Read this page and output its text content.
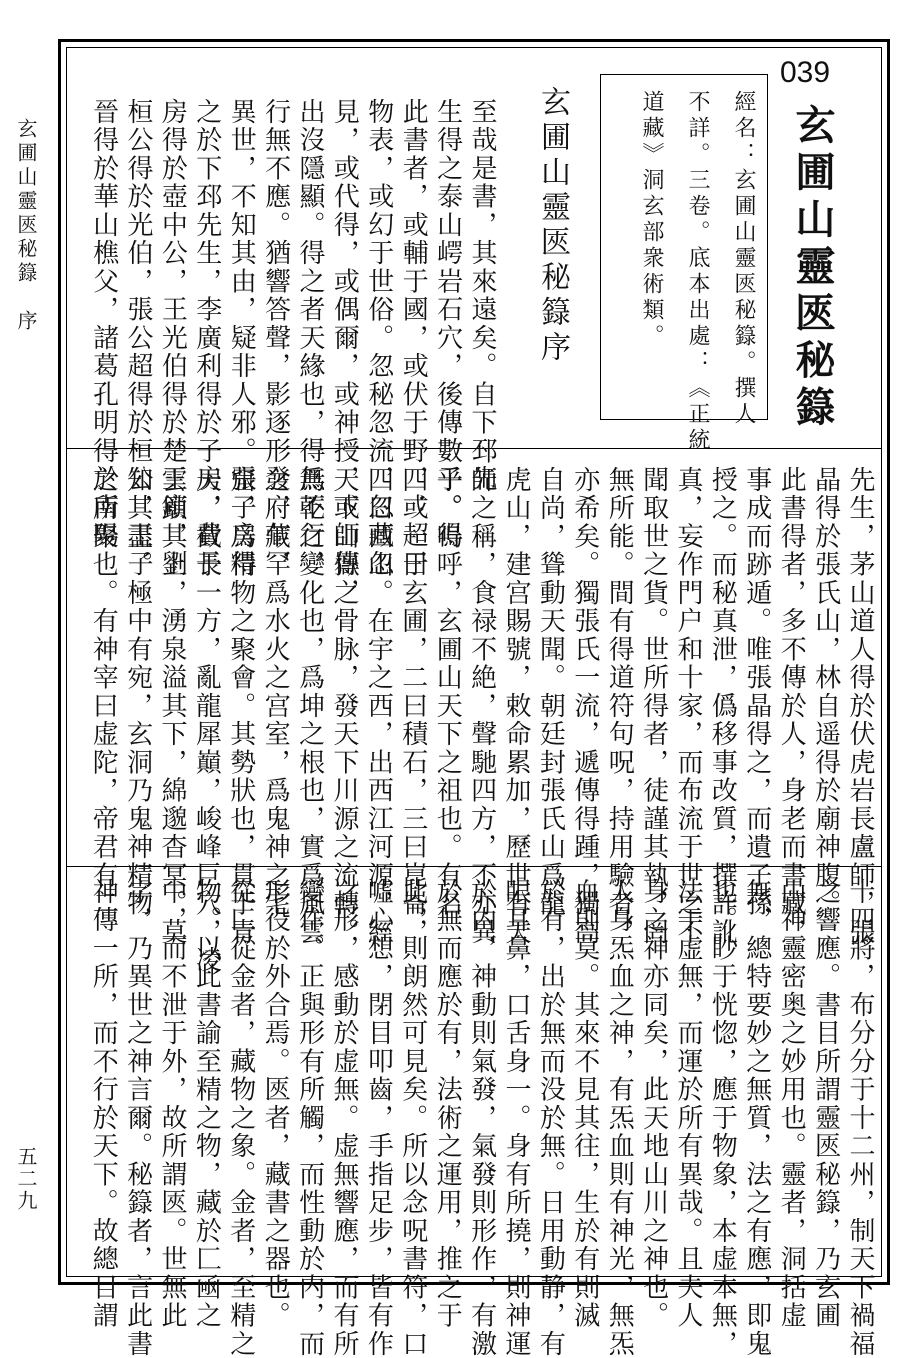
玄圃山靈匧秘籙　序
五二九
039
玄圃山靈匧秘籙
經名：玄圃山靈匧秘籙。撰人
不詳。三卷。底本出處：《正統
道藏》洞玄部衆術類。
玄圃山靈匧秘籙序
至哉是書，其來遠矣。自下邳先
生得之泰山崿岩石穴，後傳數子。得
此書者，或輔于國，或伏于野，或超于
物表，或幻于世俗。忽秘忽流，忽藏忽
見，或代得，或偶爾，或神授，或師傳，
出沒隱顯。得之者天緣也，得無不行，
行無不應。猶響答聲，影逐形發，乍罕
異世，不知其由，疑非人邪。張子房得
之於下邳先生，李廣利得於子房，費長
房得於壺中公，王光伯得於楚王廟，劉
桓公得於光伯，張公超得於桓公，王子
晉得於華山樵父，諸葛孔明得於南陽
先生，茅山道人得於伏虎岩長盧師，張
晶得於張氏山，林自遥得於廟神腹。
此書得者，多不傳於人，身老而書藏，
事成而跡遁。唯張晶得之，而遺子孫
授之。而秘真泄，僞移事改質，撰詐訛
真，妄作門户和十家，而布流于世之不
聞取世之貨。世所得者，徒謹其執，罔
無所能。間有得道符句呪，持用驗者，
亦希矣。獨張氏一流，遞傳得踵，獨高
自尚，聳動天聞。朝廷封張氏山爲龍
虎山，建宫賜號，敕命累加，歷世有天
師之稱，食禄不絶，聲馳四方，不亦異
乎。嗚呼，玄圃山天下之祖也。有名
四：一曰玄圃，二曰積石，三曰崑崙，
四曰西山。在宇之西，出西江河源，經
天下山嶽之骨脉，發天下川源之流轉。
爲乾之變化也，爲坤之根也，實爲風雲
之府藏，爲水火之宫室，爲鬼神之宅
窟，爲精物之聚會。其勢狀也，貫于青
天，截于一方，亂龍犀巔，峻峰巨穴，凌
雲鎖其上，湧泉溢其下，綿邈杳冥。莫
知其盡。極中有宛，玄洞乃鬼神精物
之所聚也。有神宰曰虚陀，帝君有二
十四將，布分分于十二州，制天下禍福
之響應。書目所謂靈匧秘籙，乃玄圃
山神靈密奥之妙用也。靈者，洞括虚
無，總特要妙之無質，法之有應，即鬼
也。眇于恍惚，應于物象，本虚本無，
法于虚無，而運於所有異哉。且夫人
身之神亦同矣，此天地山川之神也。
人身炁血之神，有炁血則有神光，無炁
血則莫。其來不見其往，生於有則滅
於有，出於無而没於無。日用動静，有
眼耳鼻，口舌身一。身有所撓，則神運
於内，神動則氣發，氣發則形作，有激
於無而應於有，法術之運用，推之于
此，則朗然可見矣。所以念呪書符，口
噓心想，閉目叩齒，手指足步，皆有作
之形，感動於虚無。虚無響應，而有所
變作。正與形有所觸，而性動於内，而
形役於外合焉。匧者，藏書之器也。
從匚從金者，藏物之象。金者，至精之
物。以此書諭至精之物，藏於匚凾之
中，而不泄于外，故所謂匧。世無此
字，乃異世之神言爾。秘籙者，言此書
神傳一所，而不行於天下。故總目謂
